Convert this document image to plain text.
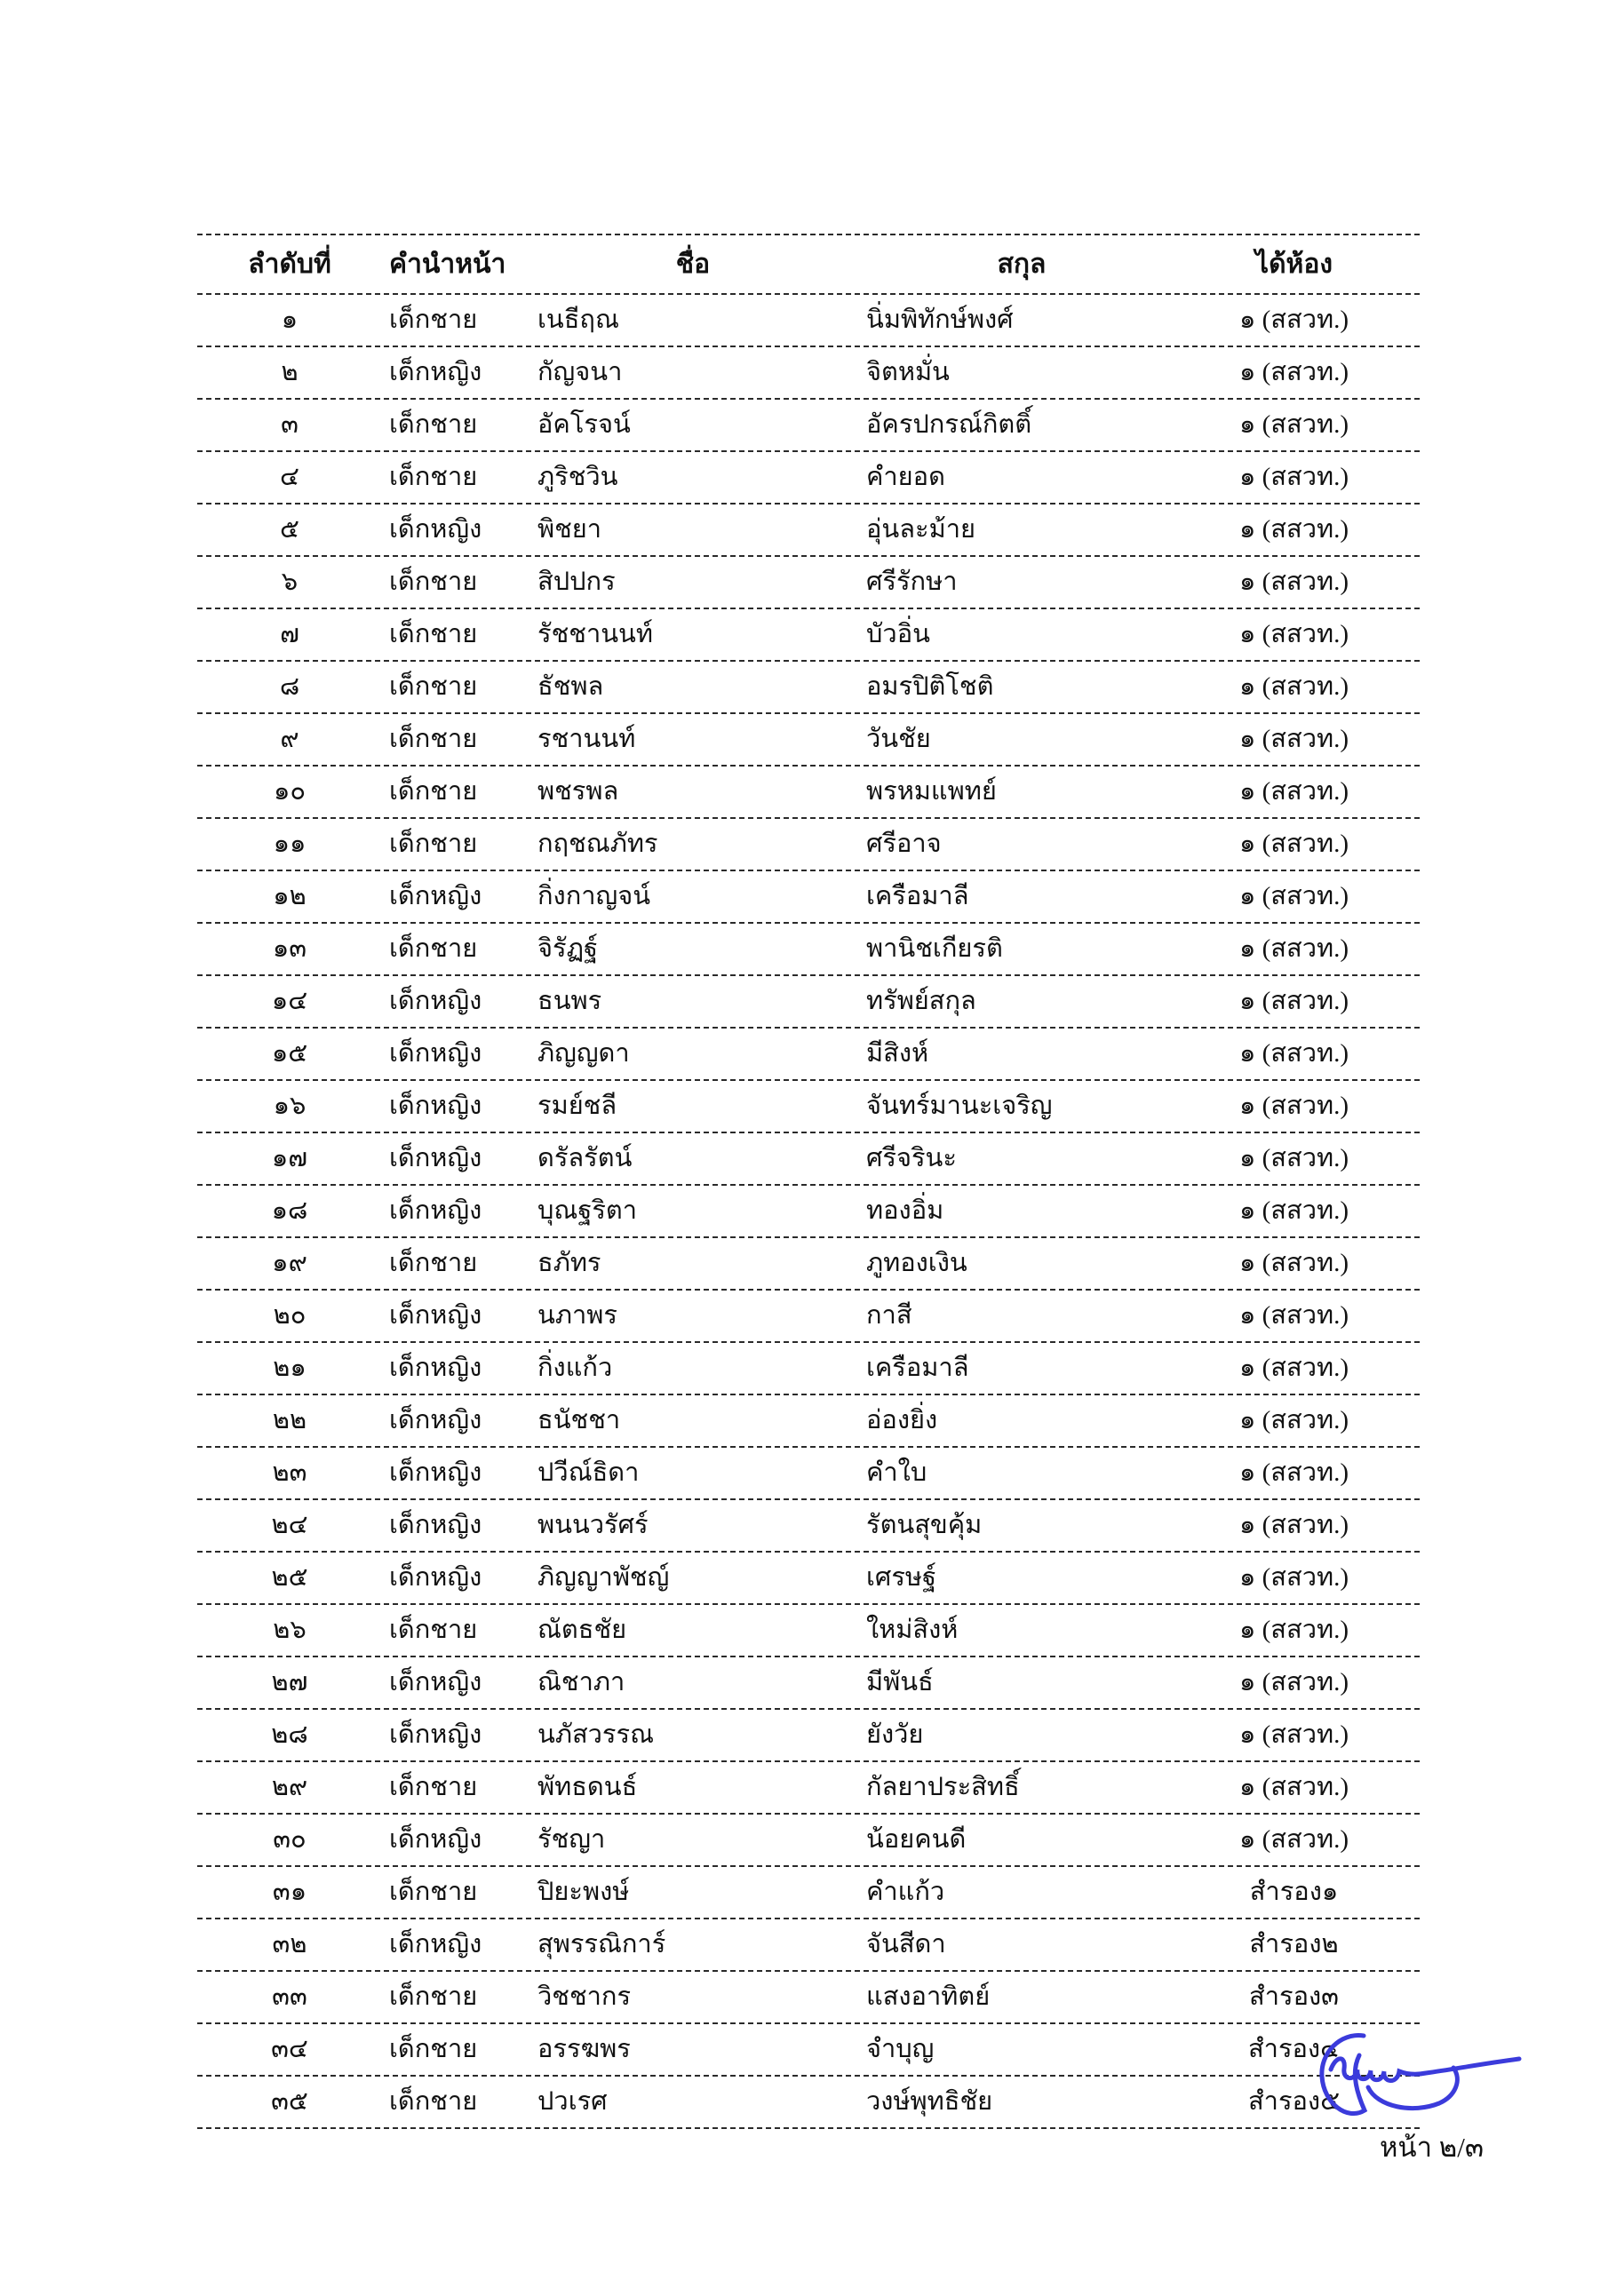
ลำดับที่	คำนำหน้า	ชื่อ	สกุล	ได้ห้อง
๑	เด็กชาย	เนธีฤณ	นิ่มพิทักษ์พงศ์	๑ (สสวท.)
๒	เด็กหญิง	กัญจนา	จิตหมั่น	๑ (สสวท.)
๓	เด็กชาย	อัคโรจน์	อัครปกรณ์กิตติ์	๑ (สสวท.)
๔	เด็กชาย	ภูริชวิน	คำยอด	๑ (สสวท.)
๕	เด็กหญิง	พิชยา	อุ่นละม้าย	๑ (สสวท.)
๖	เด็กชาย	สิปปกร	ศรีรักษา	๑ (สสวท.)
๗	เด็กชาย	รัชชานนท์	บัวอิ่น	๑ (สสวท.)
๘	เด็กชาย	ธัชพล	อมรปิติโชติ	๑ (สสวท.)
๙	เด็กชาย	รชานนท์	วันชัย	๑ (สสวท.)
๑๐	เด็กชาย	พชรพล	พรหมแพทย์	๑ (สสวท.)
๑๑	เด็กชาย	กฤชณภัทร	ศรีอาจ	๑ (สสวท.)
๑๒	เด็กหญิง	กิ่งกาญจน์	เครือมาลี	๑ (สสวท.)
๑๓	เด็กชาย	จิรัฏฐ์	พานิชเกียรติ	๑ (สสวท.)
๑๔	เด็กหญิง	ธนพร	ทรัพย์สกุล	๑ (สสวท.)
๑๕	เด็กหญิง	ภิญญดา	มีสิงห์	๑ (สสวท.)
๑๖	เด็กหญิง	รมย์ชลี	จันทร์มานะเจริญ	๑ (สสวท.)
๑๗	เด็กหญิง	ดรัลรัตน์	ศรีจรินะ	๑ (สสวท.)
๑๘	เด็กหญิง	บุณฐริตา	ทองอิ่ม	๑ (สสวท.)
๑๙	เด็กชาย	ธภัทร	ภูทองเงิน	๑ (สสวท.)
๒๐	เด็กหญิง	นภาพร	กาสี	๑ (สสวท.)
๒๑	เด็กหญิง	กิ่งแก้ว	เครือมาลี	๑ (สสวท.)
๒๒	เด็กหญิง	ธนัชชา	อ่องยิ่ง	๑ (สสวท.)
๒๓	เด็กหญิง	ปวีณ์ธิดา	คำใบ	๑ (สสวท.)
๒๔	เด็กหญิง	พนนวรัศร์	รัตนสุขคุ้ม	๑ (สสวท.)
๒๕	เด็กหญิง	ภิญญาพัชญ์	เศรษฐ์	๑ (สสวท.)
๒๖	เด็กชาย	ณัตธชัย	ใหม่สิงห์	๑ (สสวท.)
๒๗	เด็กหญิง	ณิชาภา	มีพันธ์	๑ (สสวท.)
๒๘	เด็กหญิง	นภัสวรรณ	ยังวัย	๑ (สสวท.)
๒๙	เด็กชาย	พัทธดนธ์	กัลยาประสิทธิ์	๑ (สสวท.)
๓๐	เด็กหญิง	รัชญา	น้อยคนดี	๑ (สสวท.)
๓๑	เด็กชาย	ปิยะพงษ์	คำแก้ว	สำรอง๑
๓๒	เด็กหญิง	สุพรรณิการ์	จันสีดา	สำรอง๒
๓๓	เด็กชาย	วิชชากร	แสงอาทิตย์	สำรอง๓
๓๔	เด็กชาย	อรรฆพร	จำบุญ	สำรอง๔
๓๕	เด็กชาย	ปวเรศ	วงษ์พุทธิชัย	สำรอง๕
หน้า ๒/๓
